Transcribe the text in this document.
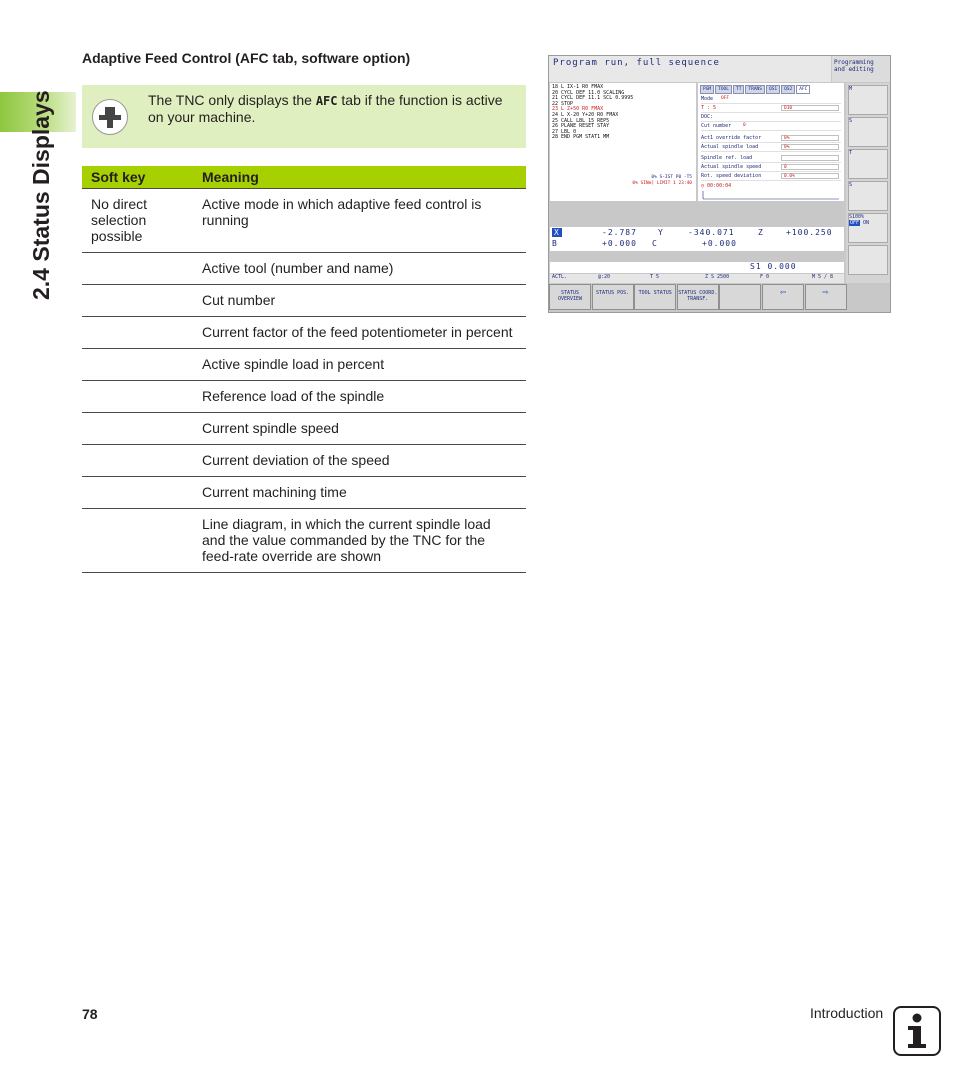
2.4 Status Displays
Adaptive Feed Control (AFC tab, software option)
The TNC only displays the AFC tab if the function is active on your machine.
Soft key	Meaning
No direct selection possible	Active mode in which adaptive feed control is running
	Active tool (number and name)
	Cut number
	Current factor of the feed potentiometer in percent
	Active spindle load in percent
	Reference load of the spindle
	Current spindle speed
	Current deviation of the speed
	Current machining time
	Line diagram, in which the current spindle load and the value commanded by the TNC for the feed-rate override are shown
Program run, full sequence	Programming and editing
18 L IX-1 R0 FMAX
20 CYCL DEF 11.0 SCALING
21 CYCL DEF 11.1 SCL 0.9995
22 STOP
23 L Z+50 R0 FMAX
24 L X-20 Y+20 R0 FMAX
25 CALL LBL 15 REP5
26 PLANE RESET STAY
27 LBL 0
28 END PGM STAT1 MM
0% S-IST P0 -T5
0% SINm] LIMIT 1 23:40
PGM	TOOL	TT	TRANS	QS1	QS2	AFC
Mode	OFF
T : 5	D10
DOC:
Cut number	0
Act1 override factor	0%
Actual spindle load	0%
Spindle ref. load
Actual spindle speed	0
Rot. speed deviation	0.0%
◷ 00:00:04
M
S
T
S
S100%
OFF ON
X	-2.787	Y	-340.071	Z	+100.250
B	+0.000 C	+0.000
S1 0.000
ACTL.	@:20	T 5	Z S 2500	F 0	M 5 / 8
STATUS OVERVIEW
STATUS POS.	TOOL STATUS	STATUS COORD. TRANSF.
⇦	⇨
78	Introduction
